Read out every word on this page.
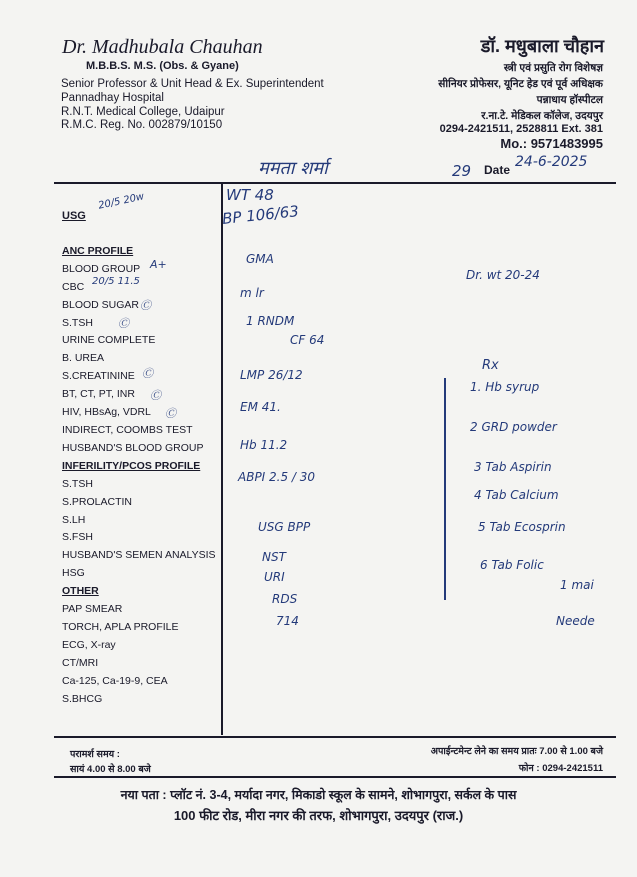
Dr. Madhubala Chauhan
M.B.B.S. M.S. (Obs. & Gyane)
Senior Professor & Unit Head & Ex. Superintendent
Pannadhay Hospital
R.N.T. Medical College, Udaipur
R.M.C. Reg. No. 002879/10150
डॉ. मधुबाला चौहान
स्त्री एवं प्रसुति रोग विशेषज्ञ
सीनियर प्रोफेसर, यूनिट हेड एवं पूर्व अधिक्षक
पन्नाधाय हॉस्पीटल
र.ना.टे. मेडिकल कॉलेज, उदयपुर
0294-2421511, 2528811 Ext. 381
Mo.: 9571483995
ममता शर्मा	29 Date 24-6-2025
USG
ANC PROFILE
BLOOD GROUP
CBC
BLOOD SUGAR
S.TSH
URINE COMPLETE
B. UREA
S.CREATININE
BT, CT, PT, INR
HIV, HBsAg, VDRL
INDIRECT, COOMBS TEST
HUSBAND'S BLOOD GROUP
INFERILITY/PCOS PROFILE
S.TSH
S.PROLACTIN
S.LH
S.FSH
HUSBAND'S SEMEN ANALYSIS
HSG
OTHER
PAP SMEAR
TORCH, APLA PROFILE
ECG, X-ray
CT/MRI
Ca-125, Ca-19-9, CEA
S.BHCG
20/5 20w
A+
20/5 11.5
Ⓒ
Ⓒ
Ⓒ
Ⓒ
Ⓒ
WT 48
BP 106/63
GMA
m lr
1 RNDM
CF 64
LMP 26/12
EM 41.
Hb 11.2
ABPI 2.5 / 30
USG BPP
NST
URI
RDS
714
Dr. wt 20-24
Rx
1. Hb syrup
2 GRD powder
3 Tab Aspirin
4 Tab Calcium
5 Tab Ecosprin
6 Tab Folic
1 mai
Neede
परामर्श समय :
सायं 4.00 से 8.00 बजे
अपाईन्टमेन्ट लेने का समय प्रातः 7.00 से 1.00 बजे
फोन : 0294-2421511
नया पता : प्लॉट नं. 3-4, मर्यादा नगर, मिकाडो स्कूल के सामने, शोभागपुरा, सर्कल के पास
100 फीट रोड, मीरा नगर की तरफ, शोभागपुरा, उदयपुर (राज.)
